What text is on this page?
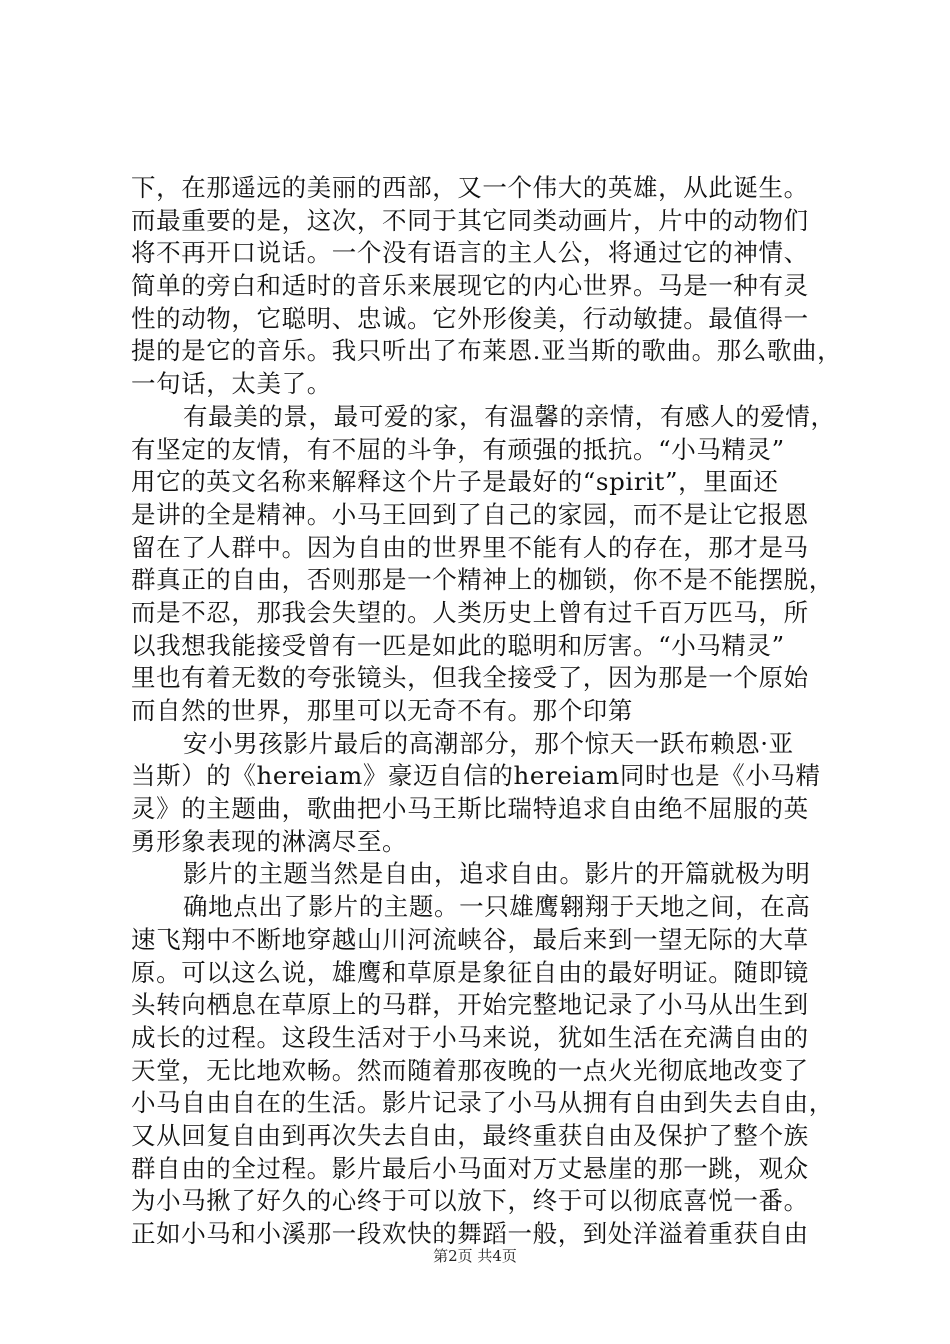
下，在那遥远的美丽的西部，又一个伟大的英雄，从此诞生。
而最重要的是，这次，不同于其它同类动画片，片中的动物们
将不再开口说话。一个没有语言的主人公，将通过它的神情、
简单的旁白和适时的音乐来展现它的内心世界。马是一种有灵
性的动物，它聪明、忠诚。它外形俊美，行动敏捷。最值得一
提的是它的音乐。我只听出了布莱恩.亚当斯的歌曲。那么歌曲，
一句话，太美了。
有最美的景，最可爱的家，有温馨的亲情，有感人的爱情，
有坚定的友情，有不屈的斗争，有顽强的抵抗。“小马精灵”
用它的英文名称来解释这个片子是最好的“spirit”，里面还
是讲的全是精神。小马王回到了自己的家园，而不是让它报恩
留在了人群中。因为自由的世界里不能有人的存在，那才是马
群真正的自由，否则那是一个精神上的枷锁，你不是不能摆脱，
而是不忍，那我会失望的。人类历史上曾有过千百万匹马，所
以我想我能接受曾有一匹是如此的聪明和厉害。“小马精灵”
里也有着无数的夸张镜头，但我全接受了，因为那是一个原始
而自然的世界，那里可以无奇不有。那个印第
安小男孩影片最后的高潮部分，那个惊天一跃布赖恩·亚
当斯）的《hereiam》豪迈自信的hereiam同时也是《小马精
灵》的主题曲，歌曲把小马王斯比瑞特追求自由绝不屈服的英
勇形象表现的淋漓尽至。
影片的主题当然是自由，追求自由。影片的开篇就极为明
确地点出了影片的主题。一只雄鹰翱翔于天地之间，在高
速飞翔中不断地穿越山川河流峡谷，最后来到一望无际的大草
原。可以这么说，雄鹰和草原是象征自由的最好明证。随即镜
头转向栖息在草原上的马群，开始完整地记录了小马从出生到
成长的过程。这段生活对于小马来说，犹如生活在充满自由的
天堂，无比地欢畅。然而随着那夜晚的一点火光彻底地改变了
小马自由自在的生活。影片记录了小马从拥有自由到失去自由，
又从回复自由到再次失去自由，最终重获自由及保护了整个族
群自由的全过程。影片最后小马面对万丈悬崖的那一跳，观众
为小马揪了好久的心终于可以放下，终于可以彻底喜悦一番。
正如小马和小溪那一段欢快的舞蹈一般，到处洋溢着重获自由
第2页 共4页
